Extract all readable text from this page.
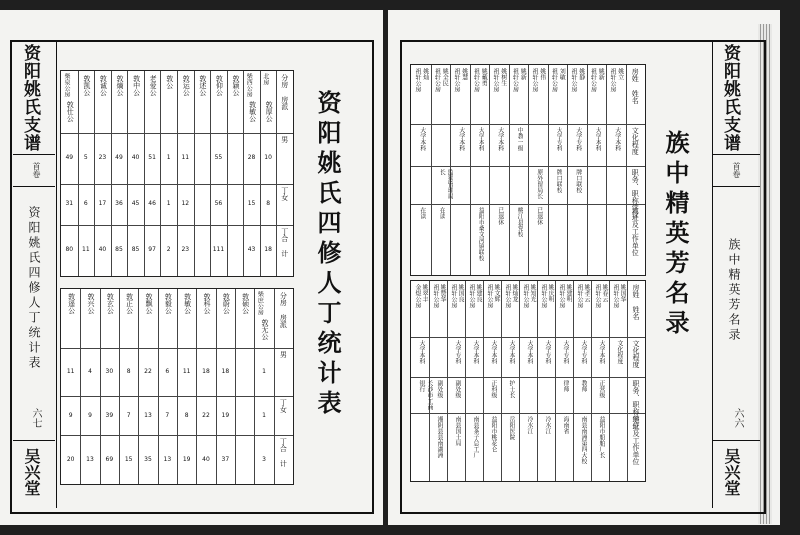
资阳姚氏支谱
首卷
资阳姚氏四修人丁统计表
六七
吴兴堂
资阳姚氏四修人丁统计表
分房 房派
男
丁女
丁合 计
北房
敦厚公
10
8
18
柴西公房
敦敏公
28
15
43
敦颖公
敦仰公
55
56
111
敦述公
敦运公
11
12
23
敦公
1
1
2
老爱公
51
46
97
敦中公
40
45
85
敦熵公
49
36
85
敦诚公
23
17
40
敦凯公
5
6
11
柴泉公房
敦仕公
49
31
80
分房 房派
男
丁女
丁合 计
柴庶公房
敦无公
1
1
3
敦硕公
敦蔚公
18
19
37
敦科公
18
22
40
敦敏公
11
8
19
敦毅公
6
7
13
敦飘公
22
13
35
敦正公
8
7
15
敦玄公
30
39
69
敦兴公
4
9
13
敦遥公
11
9
20
族中精英芳名录
资阳姚氏支谱
首卷
族中精英芳名录
六六
吴兴堂
房姓 姓名
文化程度
职务、职称学位
地址及工作单位
祖轩公房 姚立
大学本科
祖轩公房 姚新
大学本科
祖轩公房 姚静
大学专科
牌口联校
祖轩公房 刘敏
大学专科
牌口联校
祖轩公房 姚伟
原外留局长
已退休
祖轩公房 姚新
中教一级
桃江县党校
祖轩公房 姚树生
大学本科
已退休
祖轩公房 姚戴勇
大学本科
益阳市桑文河镇联校
祖轩公房 姚慧
大学本科
祖轩公房 姚全民
监狱管理局长
在读
祖轩公房 姚灿
大学本科
在读
房姓 姓名
文化程度
职务、职称学位
地址及工作单位
祖轩公房 姚国华
文化程度
祖轩公房 姚春云
大学本科
正营级
益阳市船舶厂长
祖轩公房 姚孝云
大学专科
教师
南县南洲第四大校
祖轩公房 姚建明
大学专科
律师
海南省
祖轩公房 姚庆明
大学专科
冷水江
祖轩公房 姚知光
大学本科
冷水江
祖轩公房 姚灿龙
大学本科
护士长
岳阳医院
祖轩公房 姚文辉
大学本科
正科级
益阳市桃花仑
祖轩公房 姚建良
大学本科
南县茶子总工厂
祖轩公房 姚国良
大学专科
副处级
南县国土局
祖轩公房 姚赞华
副处级
湘阴县县南湖洲
金煜公房 姚翠丰
大学本科
长沙市工商银行
